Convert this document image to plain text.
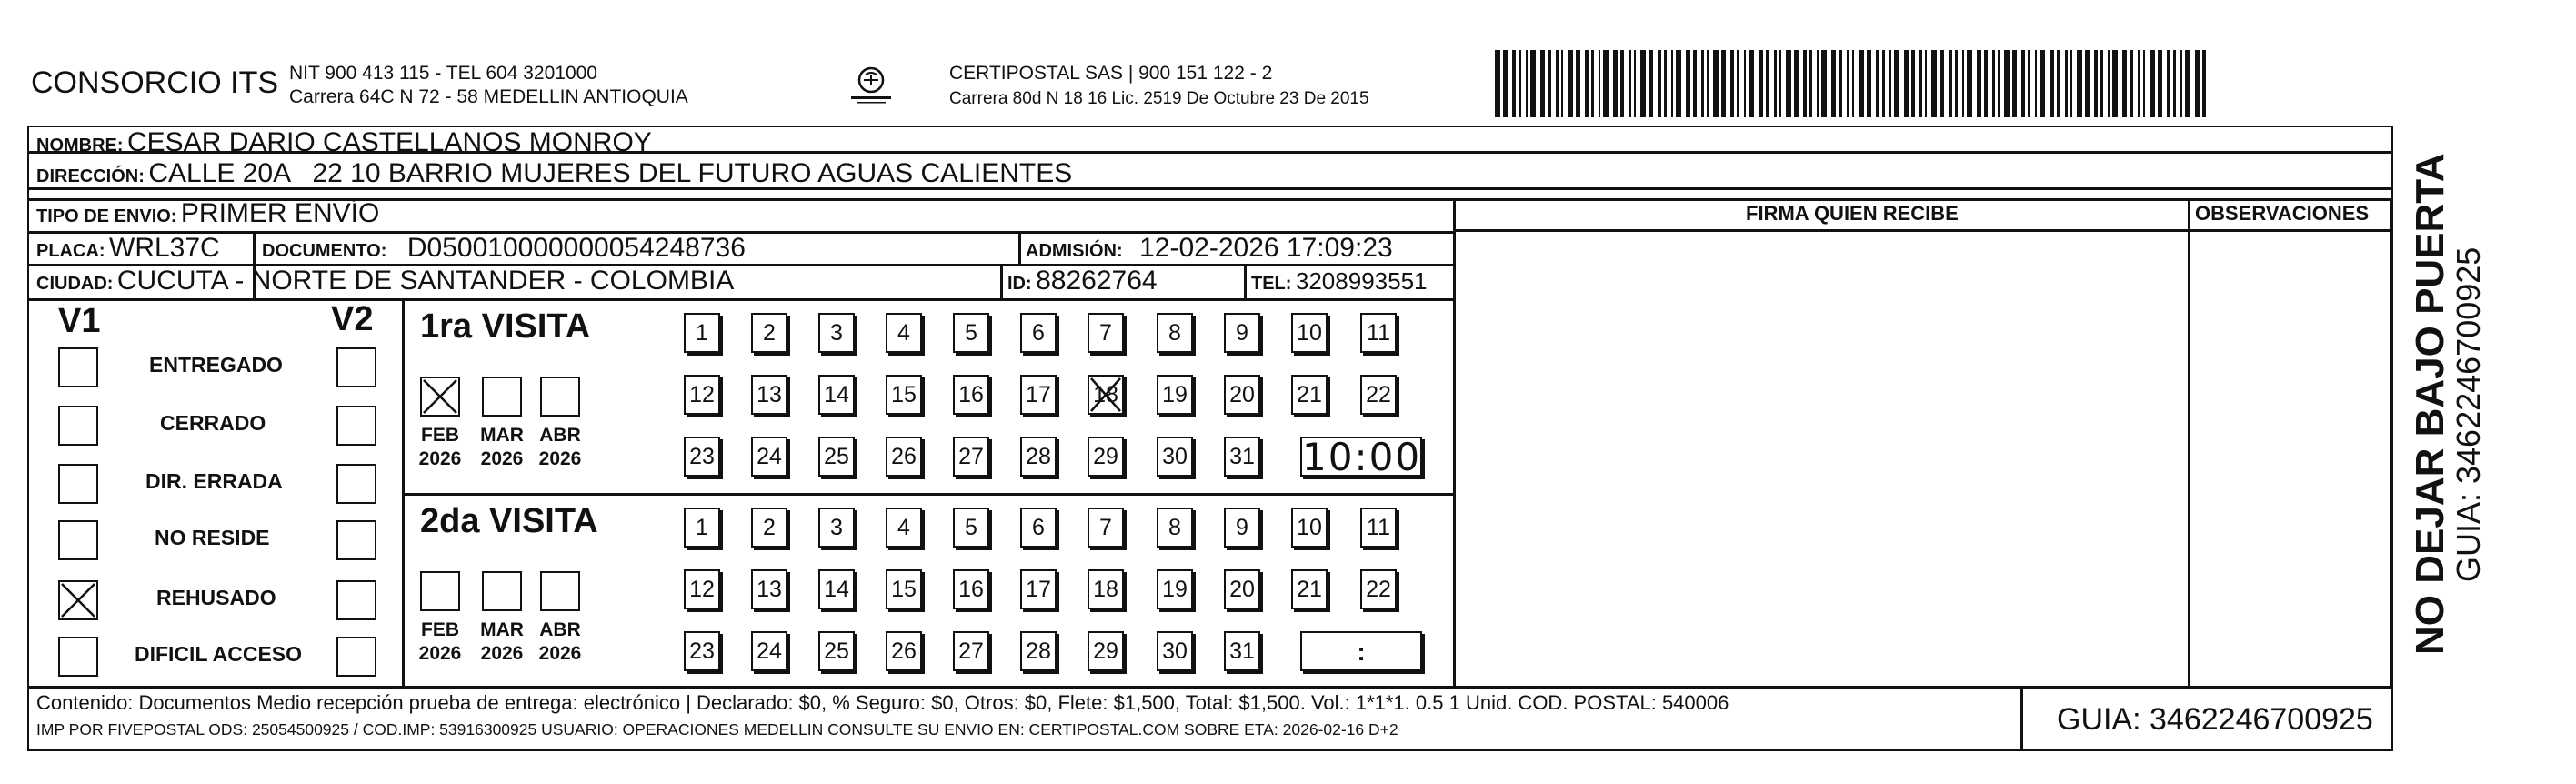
CONSORCIO ITS NIT 900 413 115 - TEL 604 3201000
Carrera 64C N 72 - 58 MEDELLIN ANTIOQUIA
CERTIPOSTAL SAS | 900 151 122 - 2
Carrera 80d N 18 16 Lic. 2519 De Octubre 23 De 2015
NOMBRE: CESAR DARIO CASTELLANOS MONROY
DIRECCIÓN: CALLE 20A   22 10 BARRIO MUJERES DEL FUTURO AGUAS CALIENTES
TIPO DE ENVIO: PRIMER ENVÍO	FIRMA QUIEN RECIBE	OBSERVACIONES
PLACA: WRL37C DOCUMENTO: D050010000000054248736	ADMISIÓN: 12-02-2026 17:09:23
CIUDAD: CUCUTA - NORTE DE SANTANDER - COLOMBIA	ID: 88262764	TEL: 3208993551
V1	V2
ENTREGADO
CERRADO
DIR. ERRADA
NO RESIDE
REHUSADO
DIFICIL ACCESO
1ra VISITA
FEB
2026
MAR
2026
ABR
2026
1	2	3	4	5	6	7	8	9	10 11
12 13 14 15 16 17 18 19 20 21 22
23 24 25 26 27 28 29 30 31 10:00
2da VISITA
FEB
2026
MAR
2026
ABR
2026
1	2	3	4	5	6	7	8	9	10 11
12 13 14 15 16 17 18 19 20 21 22
23 24 25 26 27 28 29 30 31	:
Contenido: Documentos Medio recepción prueba de entrega: electrónico | Declarado: $0, % Seguro: $0, Otros: $0, Flete: $1,500, Total: $1,500. Vol.: 1*1*1. 0.5 1 Unid. COD. POSTAL: 540006
IMP POR FIVEPOSTAL ODS: 25054500925 / COD.IMP: 53916300925 USUARIO: OPERACIONES MEDELLIN CONSULTE SU ENVIO EN: CERTIPOSTAL.COM SOBRE ETA: 2026-02-16 D+2	GUIA: 3462246700925
NO DEJAR BAJO PUERTA
GUIA: 3462246700925
